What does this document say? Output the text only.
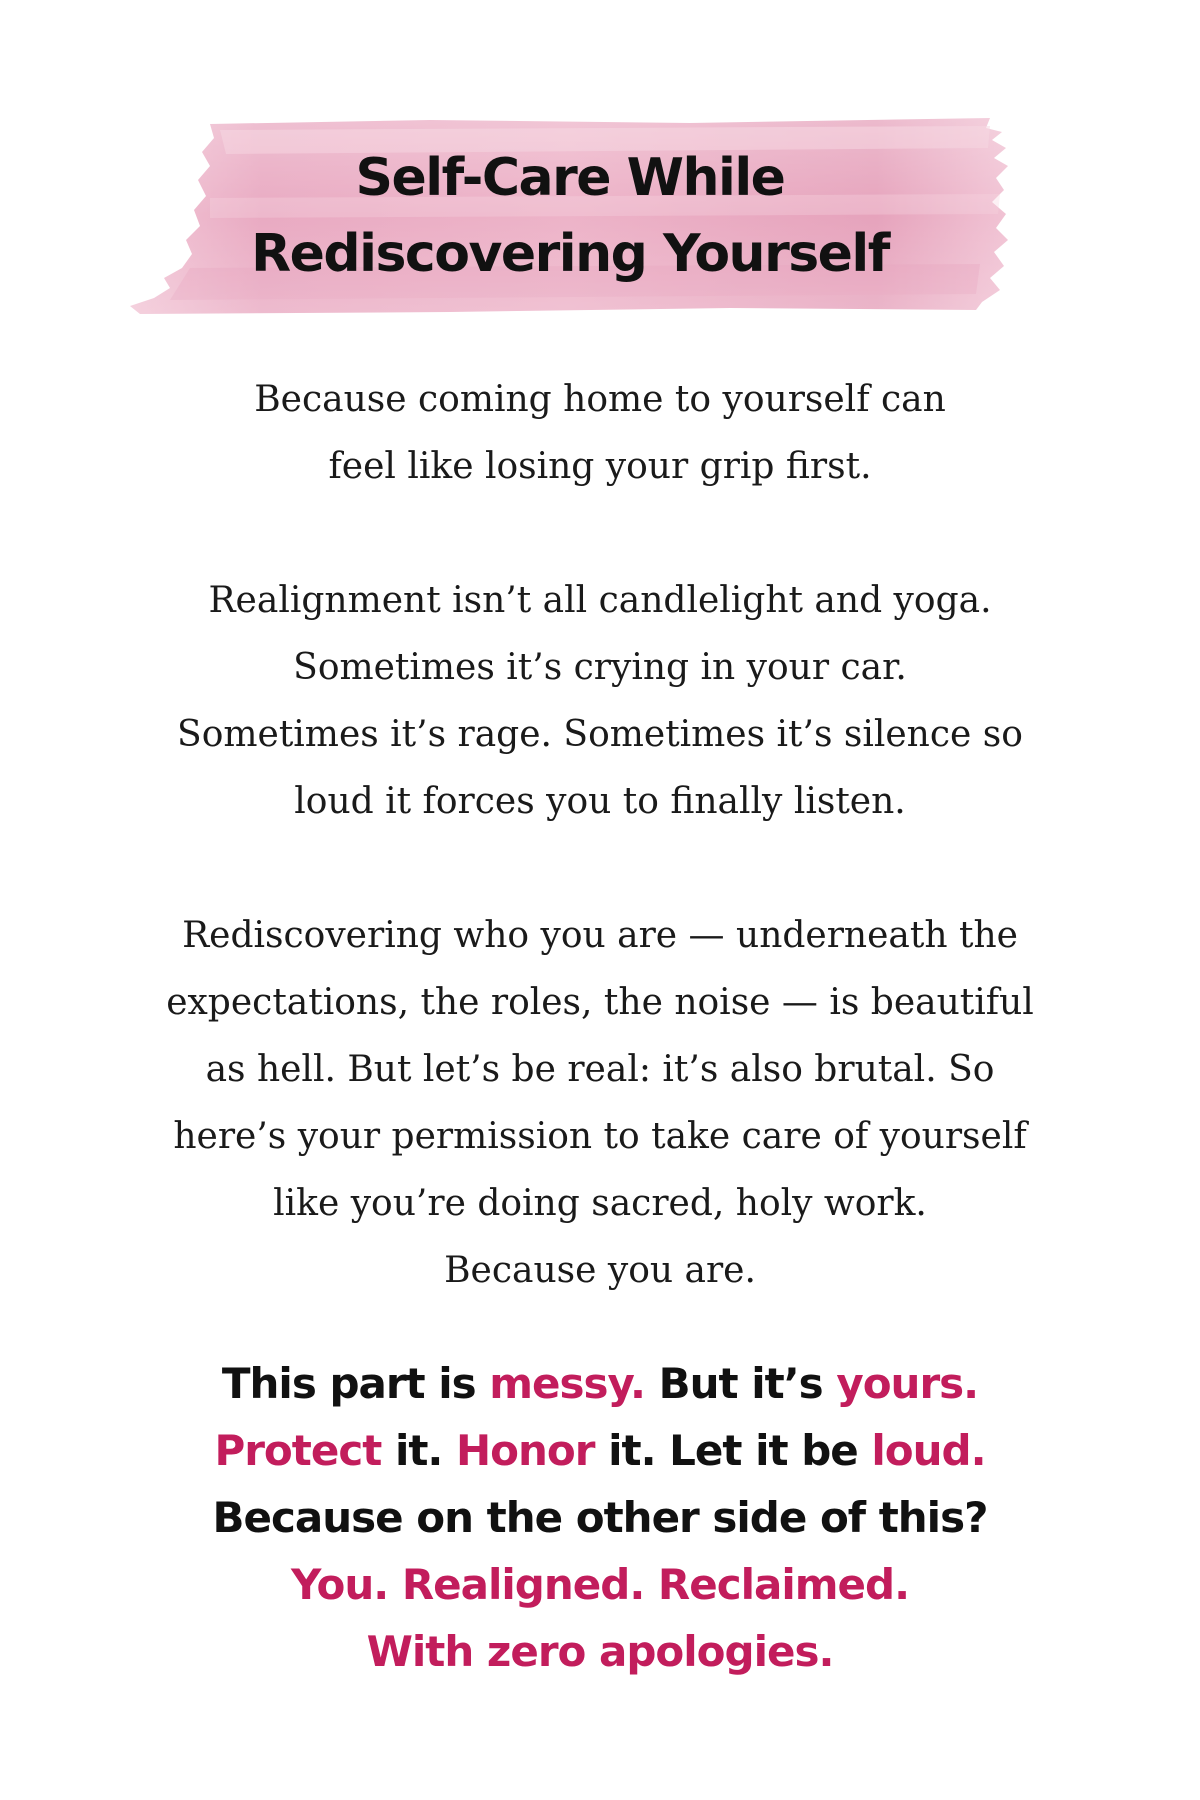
Self-Care While
Rediscovering Yourself
Because coming home to yourself can
feel like losing your grip first.
Realignment isn’t all candlelight and yoga.
Sometimes it’s crying in your car.
Sometimes it’s rage. Sometimes it’s silence so
loud it forces you to finally listen.
Rediscovering who you are — underneath the
expectations, the roles, the noise — is beautiful
as hell. But let’s be real: it’s also brutal. So
here’s your permission to take care of yourself
like you’re doing sacred, holy work.
Because you are.
This part is messy. But it’s yours.
Protect it. Honor it. Let it be loud.
Because on the other side of this?
You. Realigned. Reclaimed.
With zero apologies.
